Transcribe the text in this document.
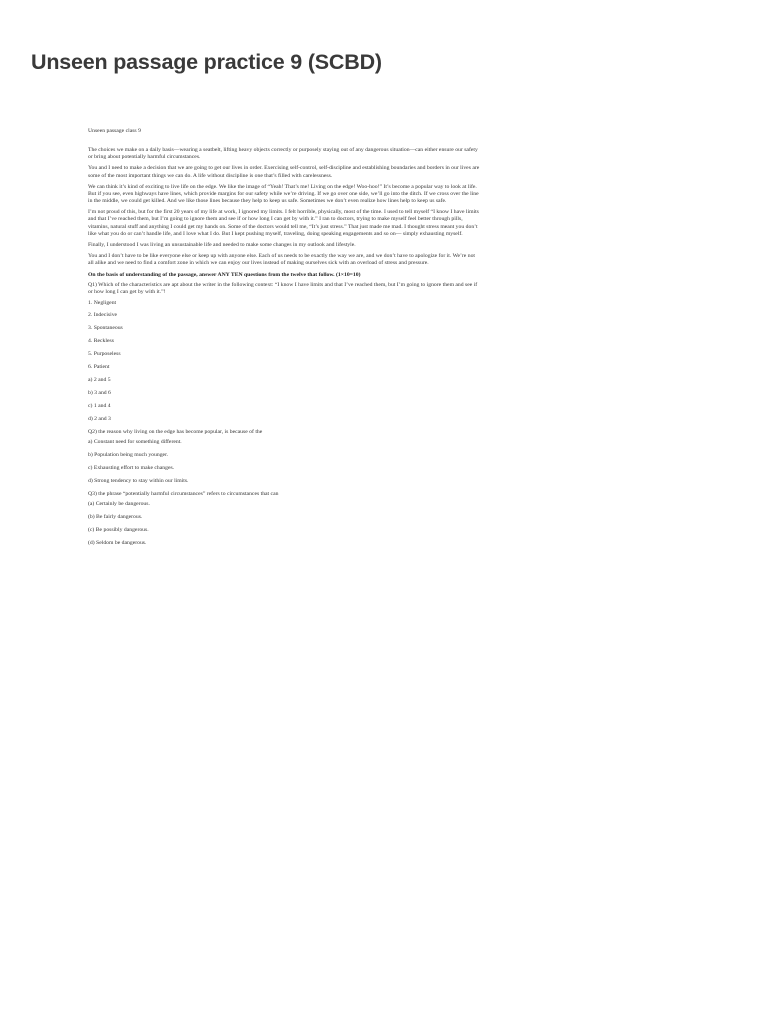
Unseen passage practice 9 (SCBD)

Unseen passage class 9

The choices we make on a daily basis—wearing a seatbelt, lifting heavy objects correctly or purposely staying out of any dangerous situation—can either ensure our safety or bring about potentially harmful circumstances.

You and I need to make a decision that we are going to get our lives in order. Exercising self-control, self-discipline and establishing boundaries and borders in our lives are some of the most important things we can do. A life without discipline is one that’s filled with carelessness.

We can think it’s kind of exciting to live life on the edge. We like the image of “Yeah! That’s me! Living on the edge! Woo-hoo!” It’s become a popular way to look at life. But if you see, even highways have lines, which provide margins for our safety while we’re driving. If we go over one side, we’ll go into the ditch. If we cross over the line in the middle, we could get killed. And we like those lines because they help to keep us safe. Sometimes we don’t even realize how lines help to keep us safe.

I’m not proud of this, but for the first 20 years of my life at work, I ignored my limits. I felt horrible, physically, most of the time. I used to tell myself “I know I have limits and that I’ve reached them, but I’m going to ignore them and see if or how long I can get by with it.” I ran to doctors, trying to make myself feel better through pills, vitamins, natural stuff and anything I could get my hands on. Some of the doctors would tell me, “It’s just stress.” That just made me mad. I thought stress meant you don’t like what you do or can’t handle life, and I love what I do. But I kept pushing myself, traveling, doing speaking engagements and so on— simply exhausting myself.

Finally, I understood I was living an unsustainable life and needed to make some changes in my outlook and lifestyle.

You and I don’t have to be like everyone else or keep up with anyone else. Each of us needs to be exactly the way we are, and we don’t have to apologize for it. We’re not all alike and we need to find a comfort zone in which we can enjoy our lives instead of making ourselves sick with an overload of stress and pressure.

On the basis of understanding of the passage, answer ANY TEN questions from the twelve that follow. (1×10=10)

Q1) Which of the characteristics are apt about the writer in the following context: “I know I have limits and that I’ve reached them, but I’m going to ignore them and see if or how long I can get by with it.”!

1. Negligent

2. Indecisive

3. Spontaneous

4. Reckless

5. Purposeless

6. Patient

a) 2 and 5

b) 3 and 6

c) 1 and 4

d) 2 and 3

Q2) the reason why living on the edge has become popular, is because of the

a) Constant need for something different.

b) Population being much younger.

c) Exhausting effort to make changes.

d) Strong tendency to stay within our limits.

Q3) the phrase “potentially harmful circumstances” refers to circumstances that can

(a) Certainly be dangerous.

(b) Be fairly dangerous.

(c) Be possibly dangerous.

(d) Seldom be dangerous.
